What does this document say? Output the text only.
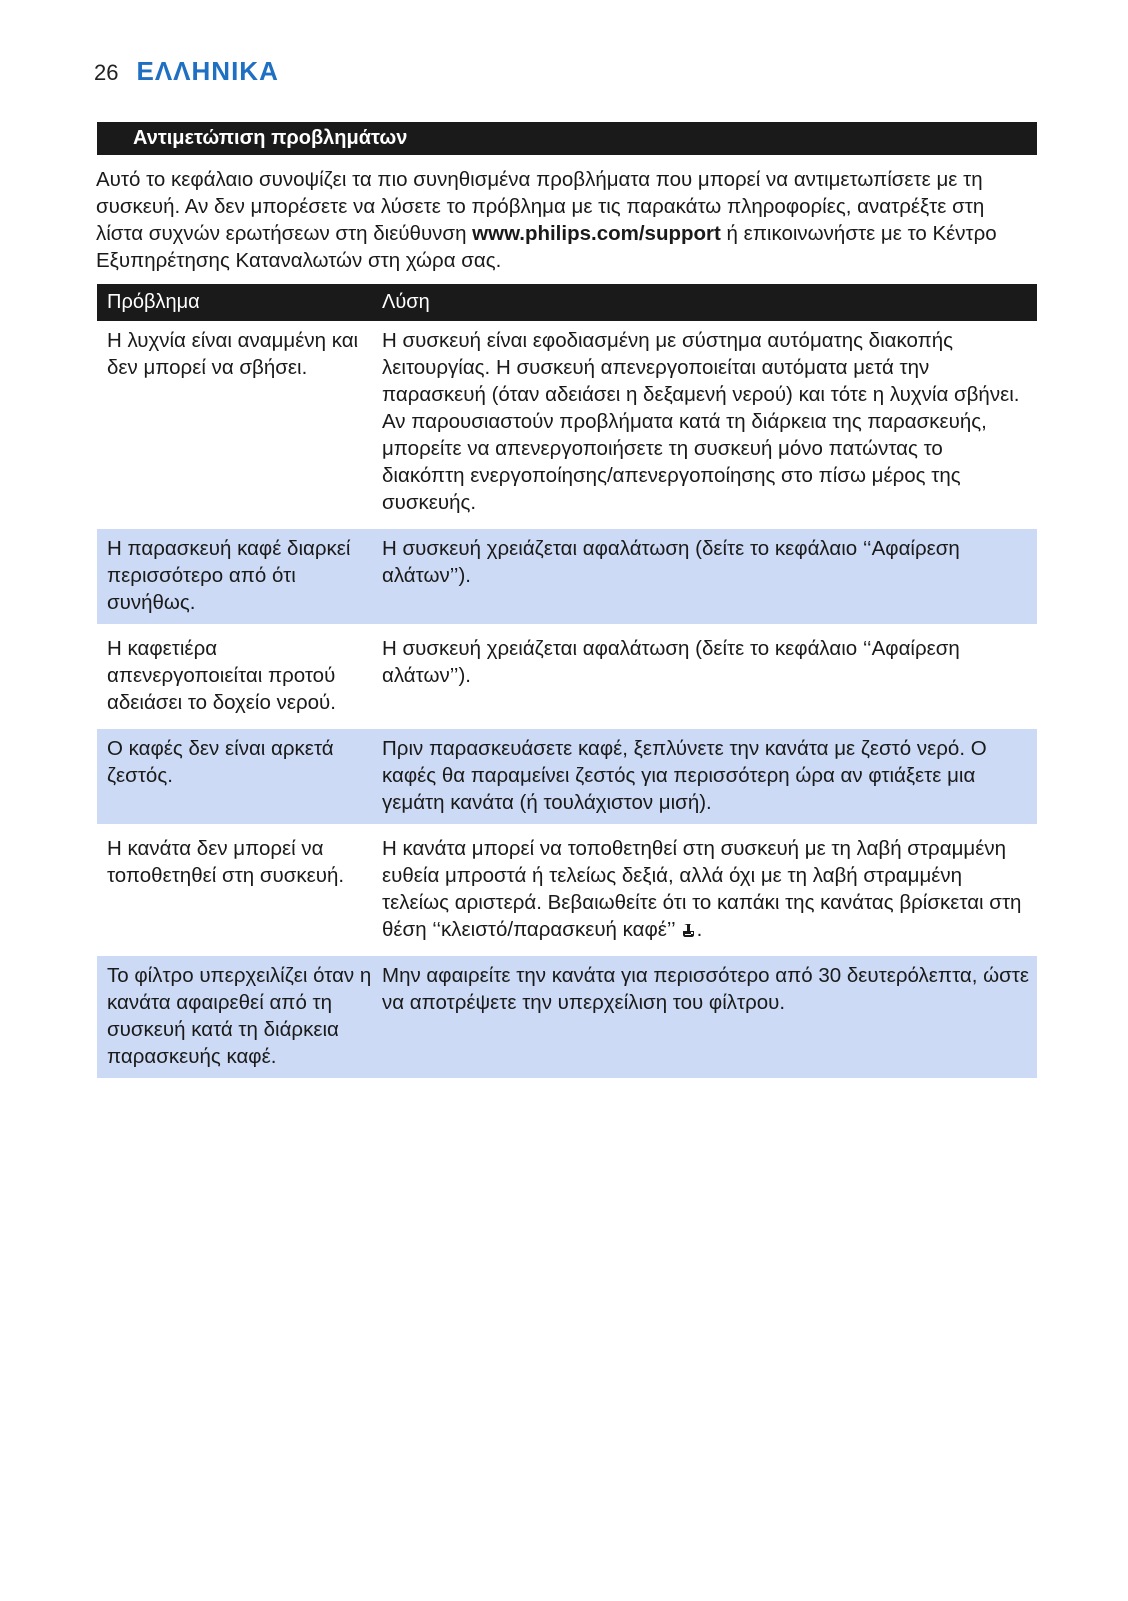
26 ΕΛΛΗΝΙΚΑ
Αντιμετώπιση προβλημάτων
Αυτό το κεφάλαιο συνοψίζει τα πιο συνηθισμένα προβλήματα που μπορεί να αντιμετωπίσετε με τη συσκευή. Αν δεν μπορέσετε να λύσετε το πρόβλημα με τις παρακάτω πληροφορίες, ανατρέξτε στη λίστα συχνών ερωτήσεων στη διεύθυνση www.philips.com/support ή επικοινωνήστε με το Κέντρο Εξυπηρέτησης Καταναλωτών στη χώρα σας.
Πρόβλημα	Λύση
Η λυχνία είναι αναμμένη και δεν μπορεί να σβήσει.
Η συσκευή είναι εφοδιασμένη με σύστημα αυτόματης διακοπής λειτουργίας. Η συσκευή απενεργοποιείται αυτόματα μετά την παρασκευή (όταν αδειάσει η δεξαμενή νερού) και τότε η λυχνία σβήνει. Αν παρουσιαστούν προβλήματα κατά τη διάρκεια της παρασκευής, μπορείτε να απενεργοποιήσετε τη συσκευή μόνο πατώντας το διακόπτη ενεργοποίησης/απενεργοποίησης στο πίσω μέρος της συσκευής.
Η παρασκευή καφέ διαρκεί περισσότερο από ότι συνήθως.
Η συσκευή χρειάζεται αφαλάτωση (δείτε το κεφάλαιο ‘‘Αφαίρεση αλάτων’’).
Η καφετιέρα απενεργοποιείται προτού αδειάσει το δοχείο νερού.
Η συσκευή χρειάζεται αφαλάτωση (δείτε το κεφάλαιο ‘‘Αφαίρεση αλάτων’’).
Ο καφές δεν είναι αρκετά ζεστός.
Πριν παρασκευάσετε καφέ, ξεπλύνετε την κανάτα με ζεστό νερό. Ο καφές θα παραμείνει ζεστός για περισσότερη ώρα αν φτιάξετε μια γεμάτη κανάτα (ή τουλάχιστον μισή).
Η κανάτα δεν μπορεί να τοποθετηθεί στη συσκευή.
Η κανάτα μπορεί να τοποθετηθεί στη συσκευή με τη λαβή στραμμένη ευθεία μπροστά ή τελείως δεξιά, αλλά όχι με τη λαβή στραμμένη τελείως αριστερά. Βεβαιωθείτε ότι το καπάκι της κανάτας βρίσκεται στη θέση ‘‘κλειστό/παρασκευή καφέ’’ .
Το φίλτρο υπερχειλίζει όταν η κανάτα αφαιρεθεί από τη συσκευή κατά τη διάρκεια παρασκευής καφέ.
Μην αφαιρείτε την κανάτα για περισσότερο από 30 δευτερόλεπτα, ώστε να αποτρέψετε την υπερχείλιση του φίλτρου.
